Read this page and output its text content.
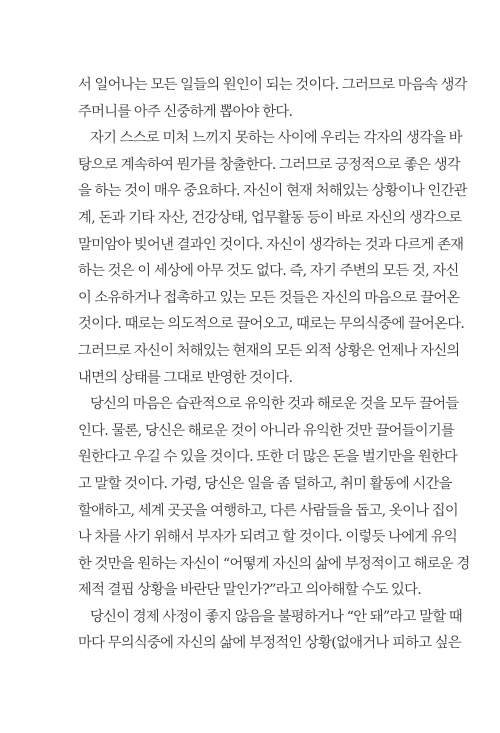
서 일어나는 모든 일들의 원인이 되는 것이다. 그러므로 마음속 생각
주머니를 아주 신중하게 뽑아야 한다.
자기 스스로 미처 느끼지 못하는 사이에 우리는 각자의 생각을 바
탕으로 계속하여 뭔가를 창출한다. 그러므로 긍정적으로 좋은 생각
을 하는 것이 매우 중요하다. 자신이 현재 처해있는 상황이나 인간관
계, 돈과 기타 자산, 건강상태, 업무활동 등이 바로 자신의 생각으로
말미암아 빚어낸 결과인 것이다. 자신이 생각하는 것과 다르게 존재
하는 것은 이 세상에 아무 것도 없다. 즉, 자기 주변의 모든 것, 자신
이 소유하거나 접촉하고 있는 모든 것들은 자신의 마음으로 끌어온
것이다. 때로는 의도적으로 끌어오고, 때로는 무의식중에 끌어온다.
그러므로 자신이 처해있는 현재의 모든 외적 상황은 언제나 자신의
내면의 상태를 그대로 반영한 것이다.
당신의 마음은 습관적으로 유익한 것과 해로운 것을 모두 끌어들
인다. 물론, 당신은 해로운 것이 아니라 유익한 것만 끌어들이기를
원한다고 우길 수 있을 것이다. 또한 더 많은 돈을 벌기만을 원한다
고 말할 것이다. 가령, 당신은 일을 좀 덜하고, 취미 활동에 시간을
할애하고, 세계 곳곳을 여행하고, 다른 사람들을 돕고, 옷이나 집이
나 차를 사기 위해서 부자가 되려고 할 것이다. 이렇듯 나에게 유익
한 것만을 원하는 자신이 “어떻게 자신의 삶에 부정적이고 해로운 경
제적 결핍 상황을 바란단 말인가?”라고 의아해할 수도 있다.
당신이 경제 사정이 좋지 않음을 불평하거나 “안 돼”라고 말할 때
마다 무의식중에 자신의 삶에 부정적인 상황(없애거나 피하고 싶은
